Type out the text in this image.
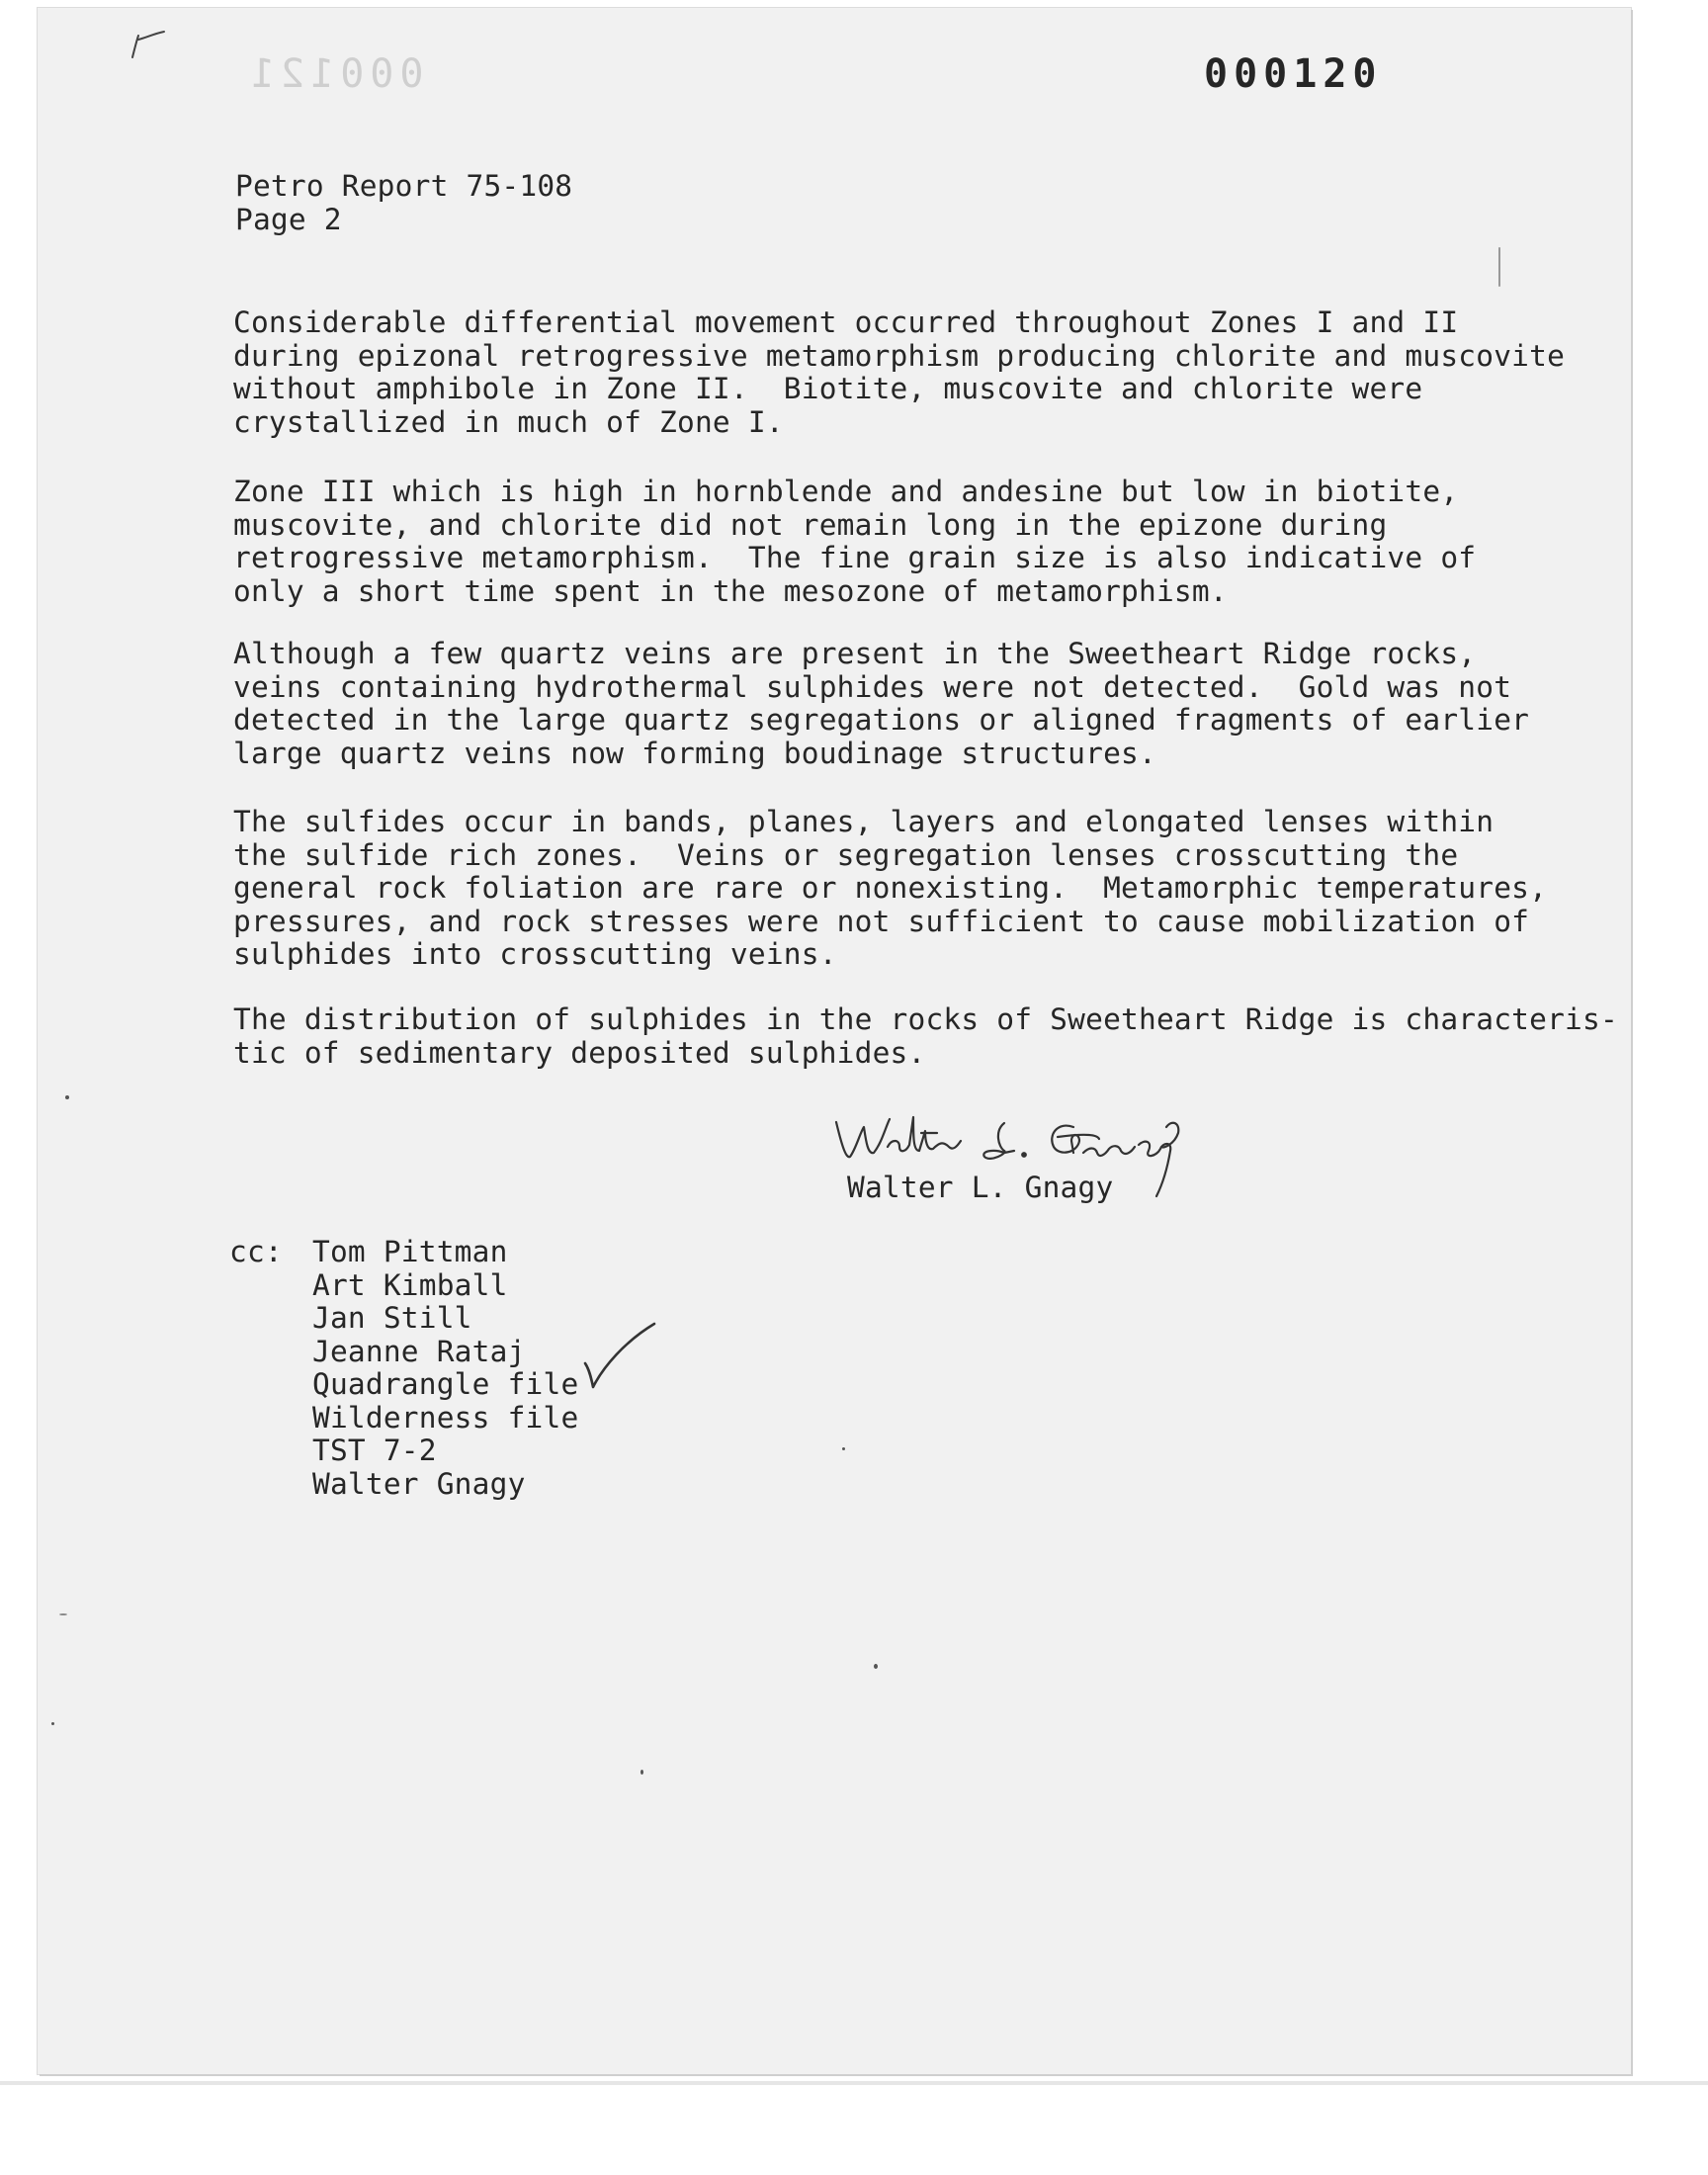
000121	000120
Petro Report 75-108
Page 2
Considerable differential movement occurred throughout Zones I and II
during epizonal retrogressive metamorphism producing chlorite and muscovite
without amphibole in Zone II.  Biotite, muscovite and chlorite were
crystallized in much of Zone I.
Zone III which is high in hornblende and andesine but low in biotite,
muscovite, and chlorite did not remain long in the epizone during
retrogressive metamorphism.  The fine grain size is also indicative of
only a short time spent in the mesozone of metamorphism.
Although a few quartz veins are present in the Sweetheart Ridge rocks,
veins containing hydrothermal sulphides were not detected.  Gold was not
detected in the large quartz segregations or aligned fragments of earlier
large quartz veins now forming boudinage structures.
The sulfides occur in bands, planes, layers and elongated lenses within
the sulfide rich zones.  Veins or segregation lenses crosscutting the
general rock foliation are rare or nonexisting.  Metamorphic temperatures,
pressures, and rock stresses were not sufficient to cause mobilization of
sulphides into crosscutting veins.
The distribution of sulphides in the rocks of Sweetheart Ridge is characteris-
tic of sedimentary deposited sulphides.
Walter L. Gnagy
cc: Tom Pittman
Art Kimball
Jan Still
Jeanne Rataj
Quadrangle file
Wilderness file
TST 7-2
Walter Gnagy
